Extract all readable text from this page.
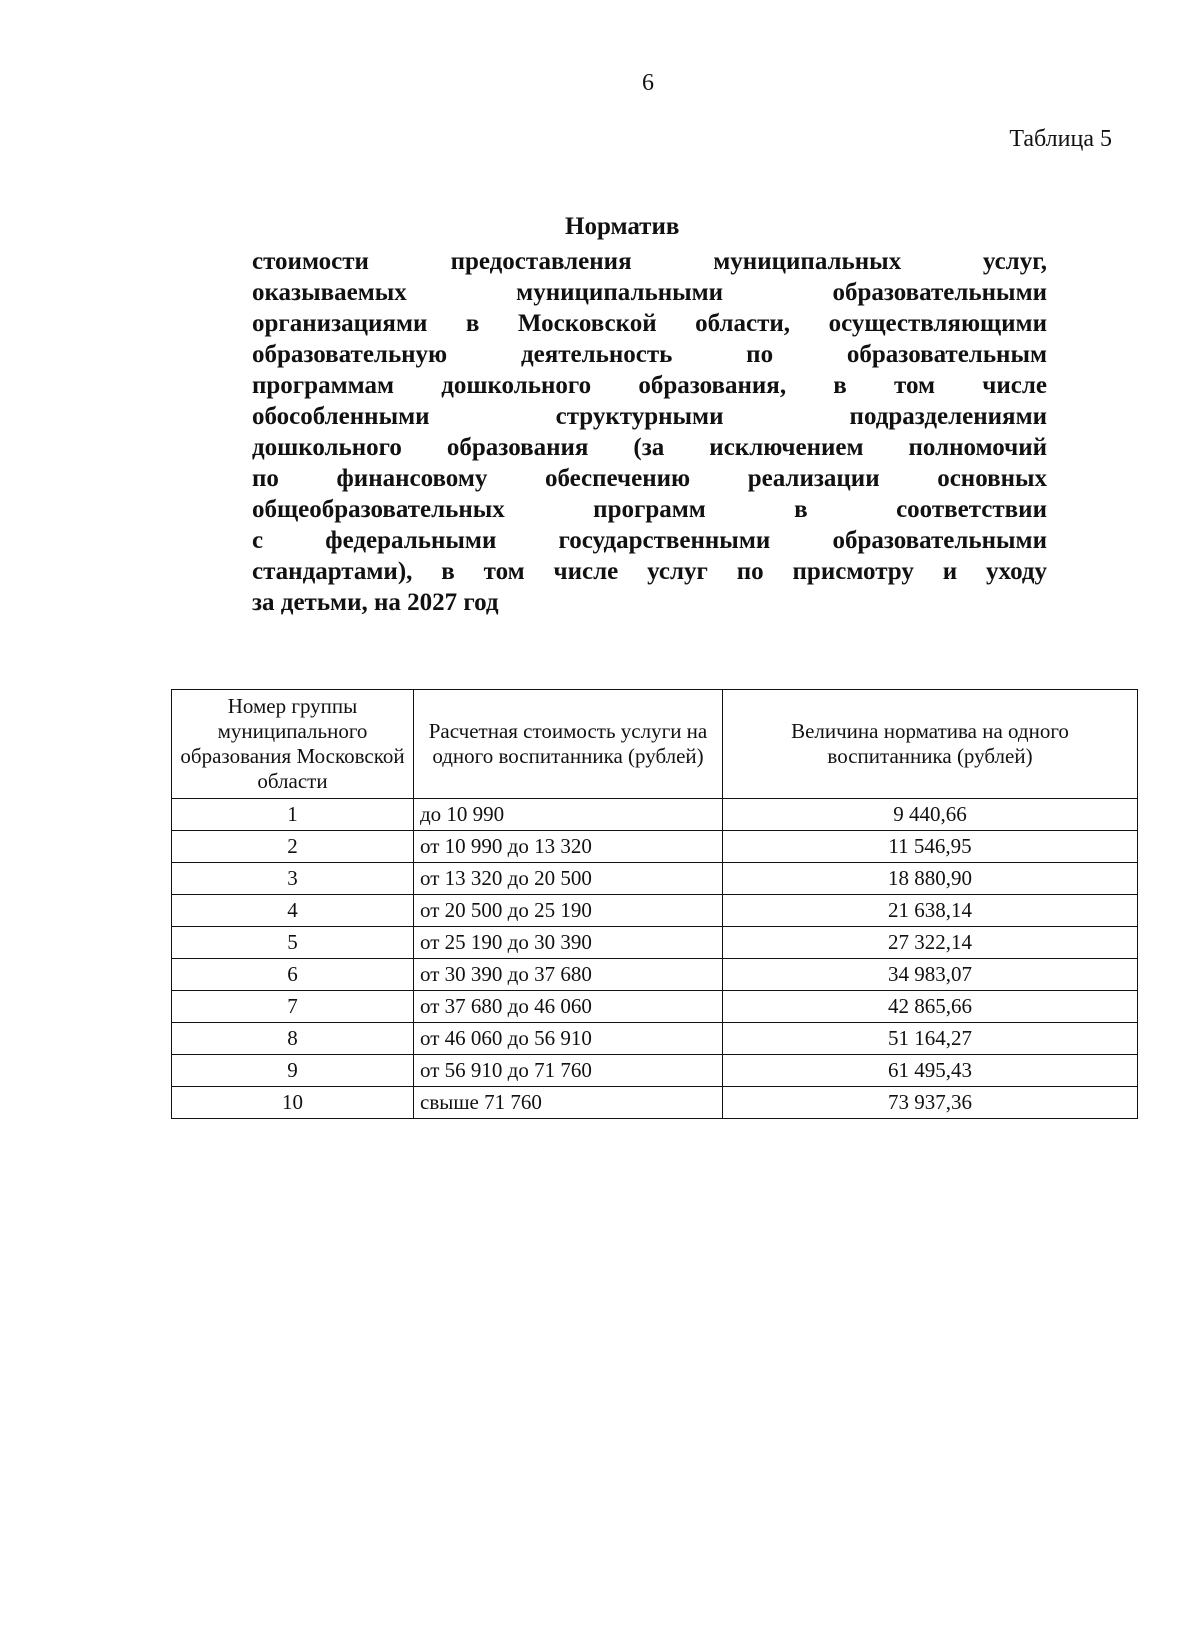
6
Таблица 5
Норматив
стоимости предоставления муниципальных услуг,
оказываемых муниципальными образовательными
организациями в Московской области, осуществляющими
образовательную деятельность по образовательным
программам дошкольного образования, в том числе
обособленными структурными подразделениями
дошкольного образования (за исключением полномочий
по финансовому обеспечению реализации основных
общеобразовательных программ в соответствии
с федеральными государственными образовательными
стандартами), в том числе услуг по присмотру и уходу
за детьми, на 2027 год
Номер группы муниципального образования Московской области	Расчетная стоимость услуги на одного воспитанника (рублей)	Величина норматива на одного воспитанника (рублей)
1	до 10 990	9 440,66
2	от 10 990 до 13 320	11 546,95
3	от 13 320 до 20 500	18 880,90
4	от 20 500 до 25 190	21 638,14
5	от 25 190 до 30 390	27 322,14
6	от 30 390 до 37 680	34 983,07
7	от 37 680 до 46 060	42 865,66
8	от 46 060 до 56 910	51 164,27
9	от 56 910 до 71 760	61 495,43
10	свыше 71 760	73 937,36
